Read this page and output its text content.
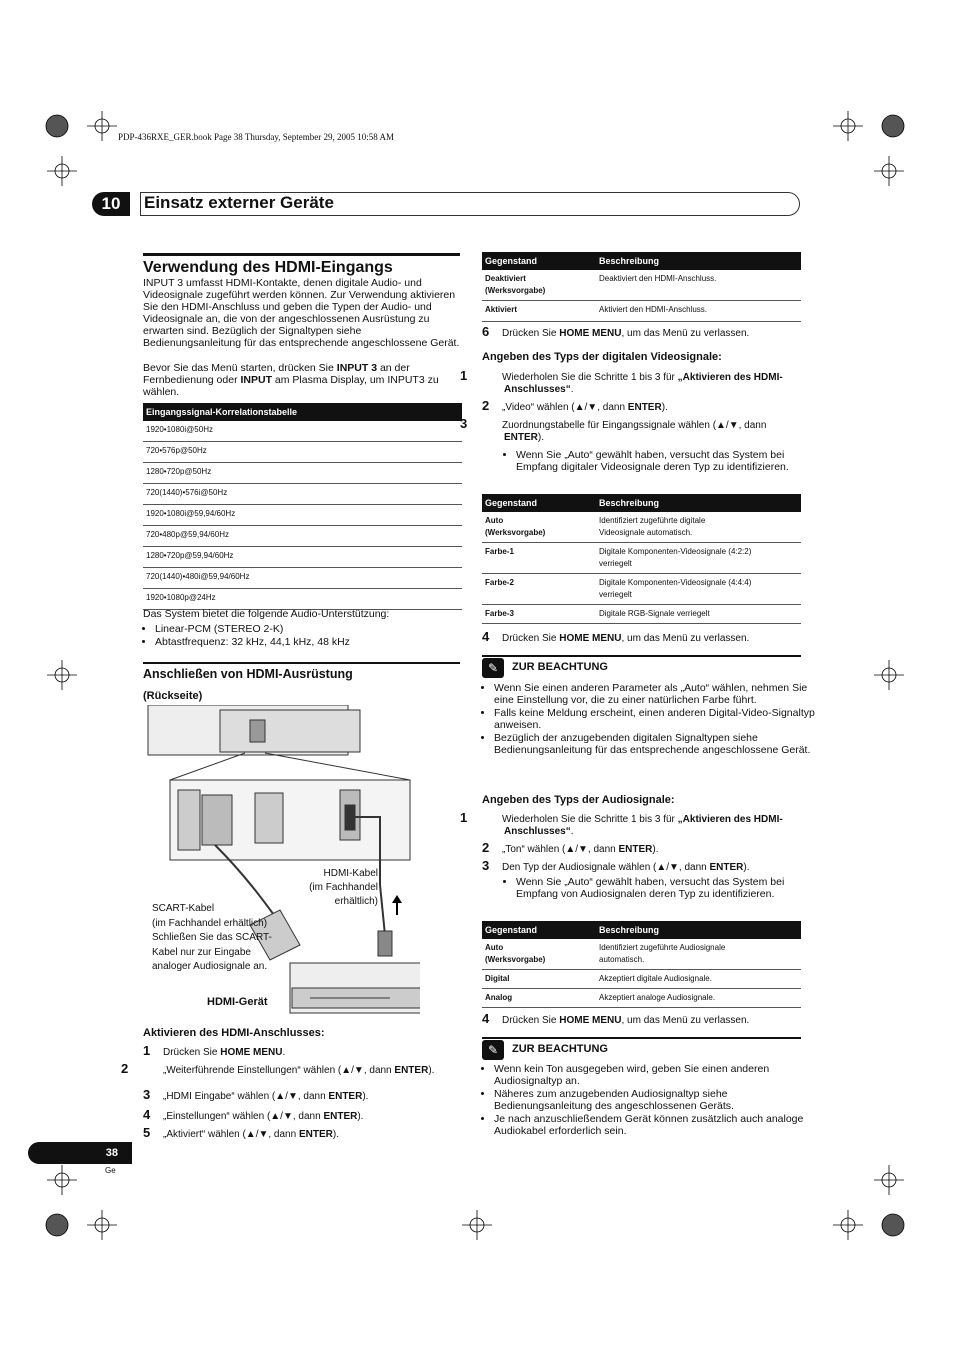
PDP-436RXE_GER.book Page 38 Thursday, September 29, 2005 10:58 AM
10	Einsatz externer Geräte
Verwendung des HDMI-Eingangs
INPUT 3 umfasst HDMI-Kontakte, denen digitale Audio- und Videosignale zugeführt werden können. Zur Verwendung aktivieren Sie den HDMI-Anschluss und geben die Typen der Audio- und Videosignale an, die von der angeschlossenen Ausrüstung zu erwarten sind. Bezüglich der Signaltypen siehe Bedienungsanleitung für das entsprechende angeschlossene Gerät.
Bevor Sie das Menü starten, drücken Sie INPUT 3 an der Fernbedienung oder INPUT am Plasma Display, um INPUT3 zu wählen.
Eingangssignal-Korrelationstabelle
1920•1080i@50Hz
720•576p@50Hz
1280•720p@50Hz
720(1440)•576i@50Hz
1920•1080i@59,94/60Hz
720•480p@59,94/60Hz
1280•720p@59,94/60Hz
720(1440)•480i@59,94/60Hz
1920•1080p@24Hz
Das System bietet die folgende Audio-Unterstützung:
• Linear-PCM (STEREO 2-K)
• Abtastfrequenz: 32 kHz, 44,1 kHz, 48 kHz
Anschließen von HDMI-Ausrüstung
(Rückseite)
HDMI-Kabel
(im Fachhandel
erhältlich)
SCART-Kabel
(im Fachhandel erhältlich)
Schließen Sie das SCART-
Kabel nur zur Eingabe
analoger Audiosignale an.
HDMI-Gerät
Aktivieren des HDMI-Anschlusses:
1 Drücken Sie HOME MENU.
2	„Weiterführende Einstellungen“ wählen (▲/▼, dann ENTER).
3 „HDMI Eingabe“ wählen (▲/▼, dann ENTER).
4 „Einstellungen“ wählen (▲/▼, dann ENTER).
5 „Aktiviert“ wählen (▲/▼, dann ENTER).
Gegenstand	Beschreibung
Deaktiviert
(Werksvorgabe)	Deaktiviert den HDMI-Anschluss.
Aktiviert	Aktiviert den HDMI-Anschluss.
6 Drücken Sie HOME MENU, um das Menü zu verlassen.
Angeben des Typs der digitalen Videosignale:
1	Wiederholen Sie die Schritte 1 bis 3 für „Aktivieren des HDMI-Anschlusses“.
2 „Video“ wählen (▲/▼, dann ENTER).
3	Zuordnungstabelle für Eingangssignale wählen (▲/▼, dann ENTER).
• Wenn Sie „Auto“ gewählt haben, versucht das System bei Empfang digitaler Videosignale deren Typ zu identifizieren.
Gegenstand	Beschreibung
Auto
(Werksvorgabe)	Identifiziert zugeführte digitale
Videosignale automatisch.
Farbe-1	Digitale Komponenten-Videosignale (4:2:2)
verriegelt
Farbe-2	Digitale Komponenten-Videosignale (4:4:4)
verriegelt
Farbe-3	Digitale RGB-Signale verriegelt
4 Drücken Sie HOME MENU, um das Menü zu verlassen.
✎	ZUR BEACHTUNG
• Wenn Sie einen anderen Parameter als „Auto“ wählen, nehmen Sie eine Einstellung vor, die zu einer natürlichen Farbe führt.
• Falls keine Meldung erscheint, einen anderen Digital-Video-Signaltyp anweisen.
• Bezüglich der anzugebenden digitalen Signaltypen siehe Bedienungsanleitung für das entsprechende angeschlossene Gerät.
Angeben des Typs der Audiosignale:
1	Wiederholen Sie die Schritte 1 bis 3 für „Aktivieren des HDMI-Anschlusses“.
2 „Ton“ wählen (▲/▼, dann ENTER).
3 Den Typ der Audiosignale wählen (▲/▼, dann ENTER).
• Wenn Sie „Auto“ gewählt haben, versucht das System bei Empfang von Audiosignalen deren Typ zu identifizieren.
Gegenstand	Beschreibung
Auto
(Werksvorgabe)	Identifiziert zugeführte Audiosignale
automatisch.
Digital	Akzeptiert digitale Audiosignale.
Analog	Akzeptiert analoge Audiosignale.
4 Drücken Sie HOME MENU, um das Menü zu verlassen.
✎	ZUR BEACHTUNG
• Wenn kein Ton ausgegeben wird, geben Sie einen anderen Audiosignaltyp an.
• Näheres zum anzugebenden Audiosignaltyp siehe Bedienungsanleitung des angeschlossenen Geräts.
• Je nach anzuschließendem Gerät können zusätzlich auch analoge Audiokabel erforderlich sein.
38
Ge
